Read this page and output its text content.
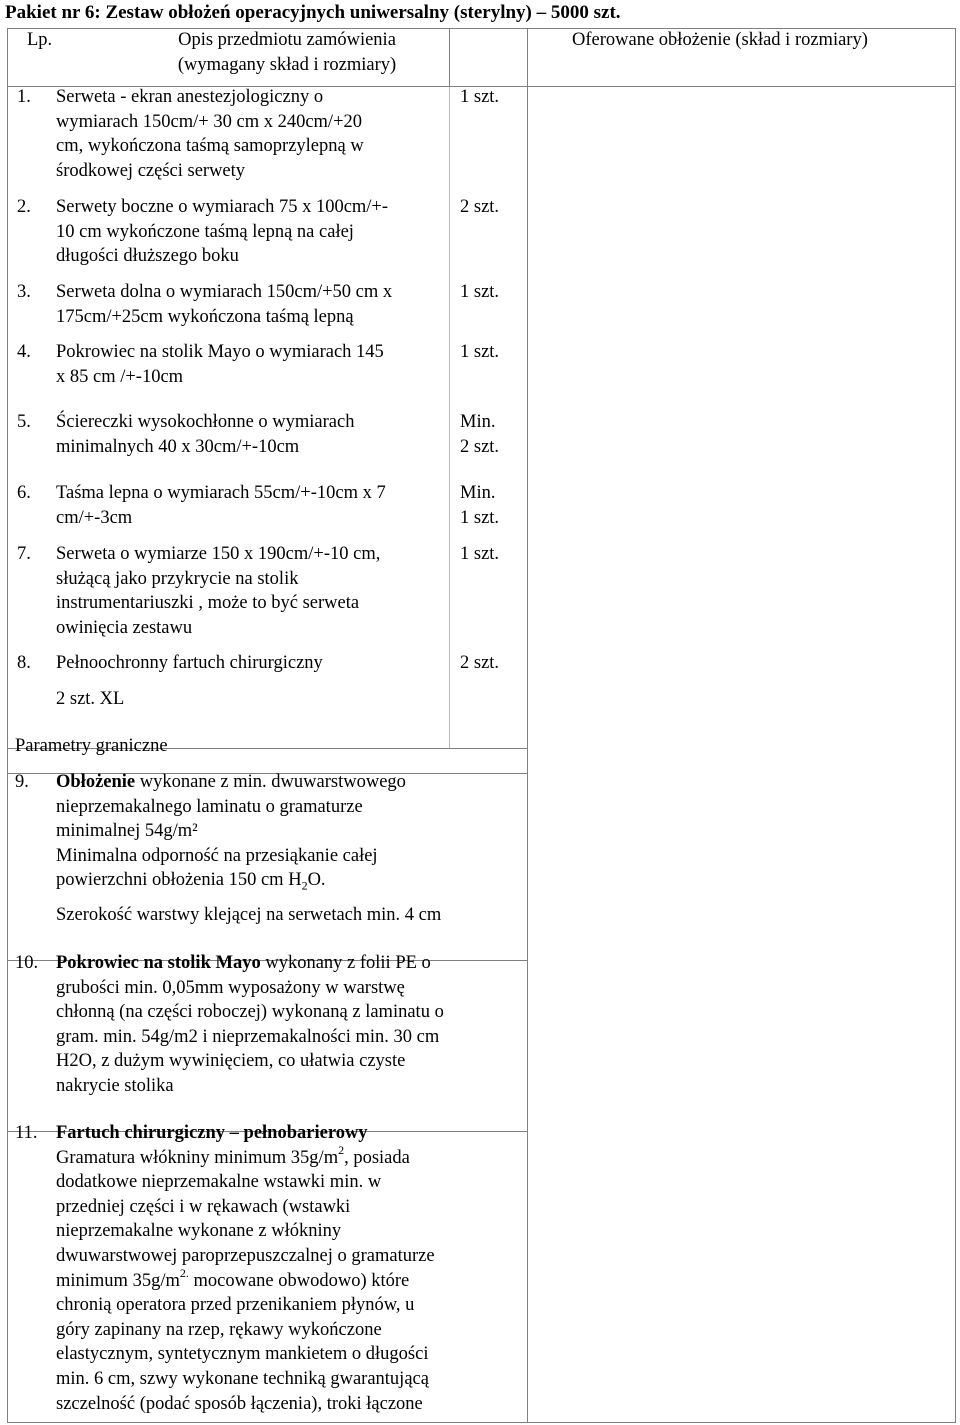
Pakiet nr 6: Zestaw obłożeń operacyjnych uniwersalny (sterylny) – 5000 szt.
Lp.	Opis przedmiotu zamówienia
(wymagany skład i rozmiary)
Oferowane obłożenie (skład i rozmiary)
1. Serweta - ekran anestezjologiczny o
wymiarach 150cm/+ 30 cm x 240cm/+20
cm, wykończona taśmą samoprzylepną w
środkowej części serwety
1 szt.
2. Serwety boczne o wymiarach 75 x 100cm/+-
10 cm wykończone taśmą lepną na całej
długości dłuższego boku
2 szt.
3. Serweta dolna o wymiarach 150cm/+50 cm x
175cm/+25cm wykończona taśmą lepną
1 szt.
4. Pokrowiec na stolik Mayo o wymiarach 145
x 85 cm /+-10cm
1 szt.
5. Ściereczki wysokochłonne o wymiarach
minimalnych 40 x 30cm/+-10cm
Min.
2 szt.
6. Taśma lepna o wymiarach 55cm/+-10cm x 7
cm/+-3cm
Min.
1 szt.
7. Serweta o wymiarze 150 x 190cm/+-10 cm,
służącą jako przykrycie na stolik
instrumentariuszki , może to być serweta
owinięcia zestawu
1 szt.
8. Pełnoochronny fartuch chirurgiczny
2 szt. XL
2 szt.
Parametry graniczne
9. Obłożenie wykonane z min. dwuwarstwowego
nieprzemakalnego laminatu o gramaturze
minimalnej 54g/m²
Minimalna odporność na przesiąkanie całej
powierzchni obłożenia 150 cm $H_2O$.
Szerokość warstwy klejącej na serwetach min. 4 cm
10. Pokrowiec na stolik Mayo wykonany z folii PE o
grubości min. 0,05mm wyposażony w warstwę
chłonną (na części roboczej) wykonaną z laminatu o
gram. min. 54g/m2 i nieprzemakalności min. 30 cm
H2O, z dużym wywinięciem, co ułatwia czyste
nakrycie stolika
11. Fartuch chirurgiczny – pełnobarierowy
Gramatura włókniny minimum $35g/m^2$, posiada
dodatkowe nieprzemakalne wstawki min. w
przedniej części i w rękawach (wstawki
nieprzemakalne wykonane z włókniny
dwuwarstwowej paroprzepuszczalnej o gramaturze
minimum $35g/m^{2.}$ mocowane obwodowo) które
chronią operatora przed przenikaniem płynów, u
góry zapinany na rzep, rękawy wykończone
elastycznym, syntetycznym mankietem o długości
min. 6 cm, szwy wykonane techniką gwarantującą
szczelność (podać sposób łączenia), troki łączone
